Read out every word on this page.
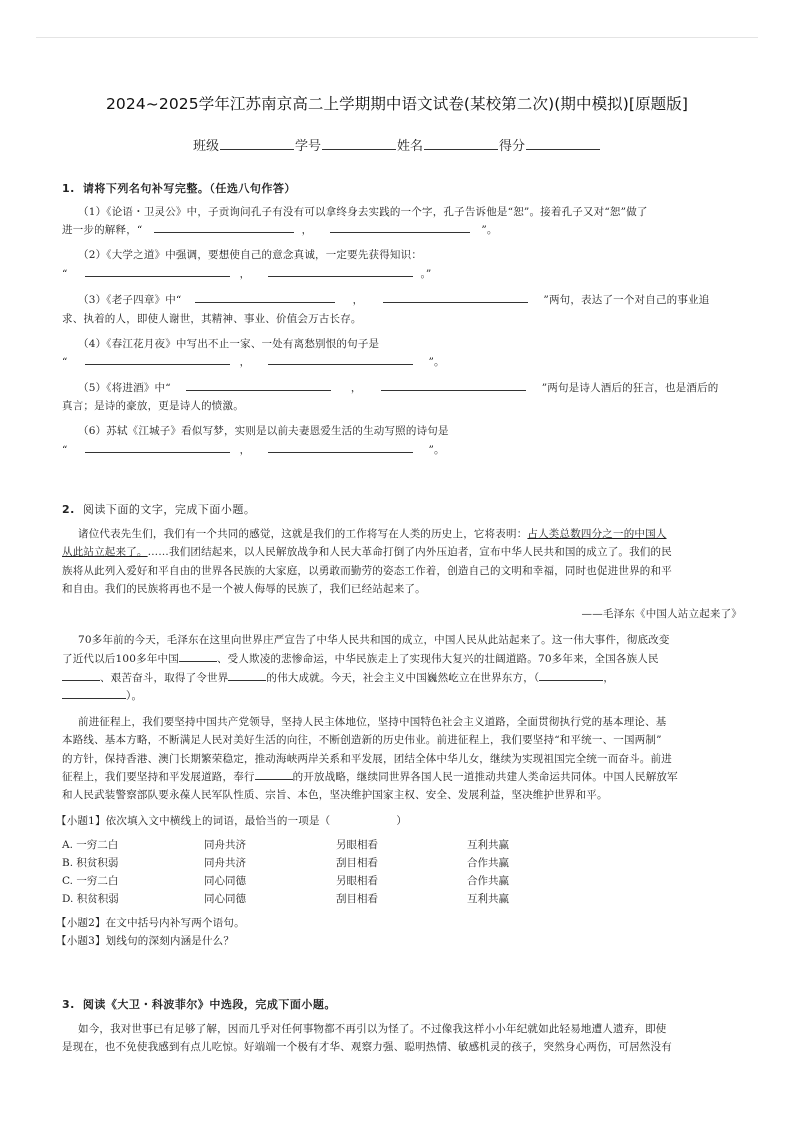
2024~2025学年江苏南京高二上学期期中语文试卷(某校第二次)(期中模拟)[原题版]
班级	学号	姓名	得分
1. 请将下列名句补写完整。（任选八句作答）
（1）《论语・卫灵公》中，子贡询问孔子有没有可以拿终身去实践的一个字，孔子告诉他是“恕”。接着孔子又对“恕”做了
进一步的解释，“	，	”。
（2）《大学之道》中强调，要想使自己的意念真诚，一定要先获得知识：
“	，	。”
（3）《老子四章》中“	，	”两句，表达了一个对自己的事业追
求、执着的人，即使人谢世，其精神、事业、价值会万古长存。
（4）《春江花月夜》中写出不止一家、一处有离愁别恨的句子是
“	，	”。
（5）《将进酒》中“	，	”两句是诗人酒后的狂言，也是酒后的
真言；是诗的豪放，更是诗人的愤激。
（6）苏轼《江城子》看似写梦，实则是以前夫妻恩爱生活的生动写照的诗句是
“	，	”。
2. 阅读下面的文字，完成下面小题。
诸位代表先生们，我们有一个共同的感觉，这就是我们的工作将写在人类的历史上，它将表明：占人类总数四分之一的中国人
从此站立起来了。……我们团结起来，以人民解放战争和人民大革命打倒了内外压迫者，宣布中华人民共和国的成立了。我们的民
族将从此列入爱好和平自由的世界各民族的大家庭，以勇敢而勤劳的姿态工作着，创造自己的文明和幸福，同时也促进世界的和平
和自由。我们的民族将再也不是一个被人侮辱的民族了，我们已经站起来了。
——毛泽东《中国人站立起来了》
70多年前的今天，毛泽东在这里向世界庄严宣告了中华人民共和国的成立，中国人民从此站起来了。这一伟大事件，彻底改变
了近代以后100多年中国	、受人欺凌的悲惨命运，中华民族走上了实现伟大复兴的壮阔道路。70多年来，全国各族人民
、艰苦奋斗，取得了令世界	的伟大成就。今天，社会主义中国巍然屹立在世界东方，（	，
）。
前进征程上，我们要坚持中国共产党领导，坚持人民主体地位，坚持中国特色社会主义道路，全面贯彻执行党的基本理论、基
本路线、基本方略，不断满足人民对美好生活的向往，不断创造新的历史伟业。前进征程上，我们要坚持“和平统一、一国两制”
的方针，保持香港、澳门长期繁荣稳定，推动海峡两岸关系和平发展，团结全体中华儿女，继续为实现祖国完全统一而奋斗。前进
征程上，我们要坚持和平发展道路，奉行	的开放战略，继续同世界各国人民一道推动共建人类命运共同体。中国人民解放军
和人民武装警察部队要永葆人民军队性质、宗旨、本色，坚决维护国家主权、安全、发展利益，坚决维护世界和平。
【小题1】依次填入文中横线上的词语，最恰当的一项是（	）
A. 一穷二白	同舟共济	另眼相看	互利共赢
B. 积贫积弱	同舟共济	刮目相看	合作共赢
C. 一穷二白	同心同德	另眼相看	合作共赢
D. 积贫积弱	同心同德	刮目相看	互利共赢
【小题2】在文中括号内补写两个语句。
【小题3】划线句的深刻内涵是什么？
3. 阅读《大卫・科波菲尔》中选段，完成下面小题。
如今，我对世事已有足够了解，因而几乎对任何事物都不再引以为怪了。不过像我这样小小年纪就如此轻易地遭人遗弃，即使
是现在，也不免使我感到有点儿吃惊。好端端一个极有才华、观察力强、聪明热情、敏感机灵的孩子，突然身心两伤，可居然没有
